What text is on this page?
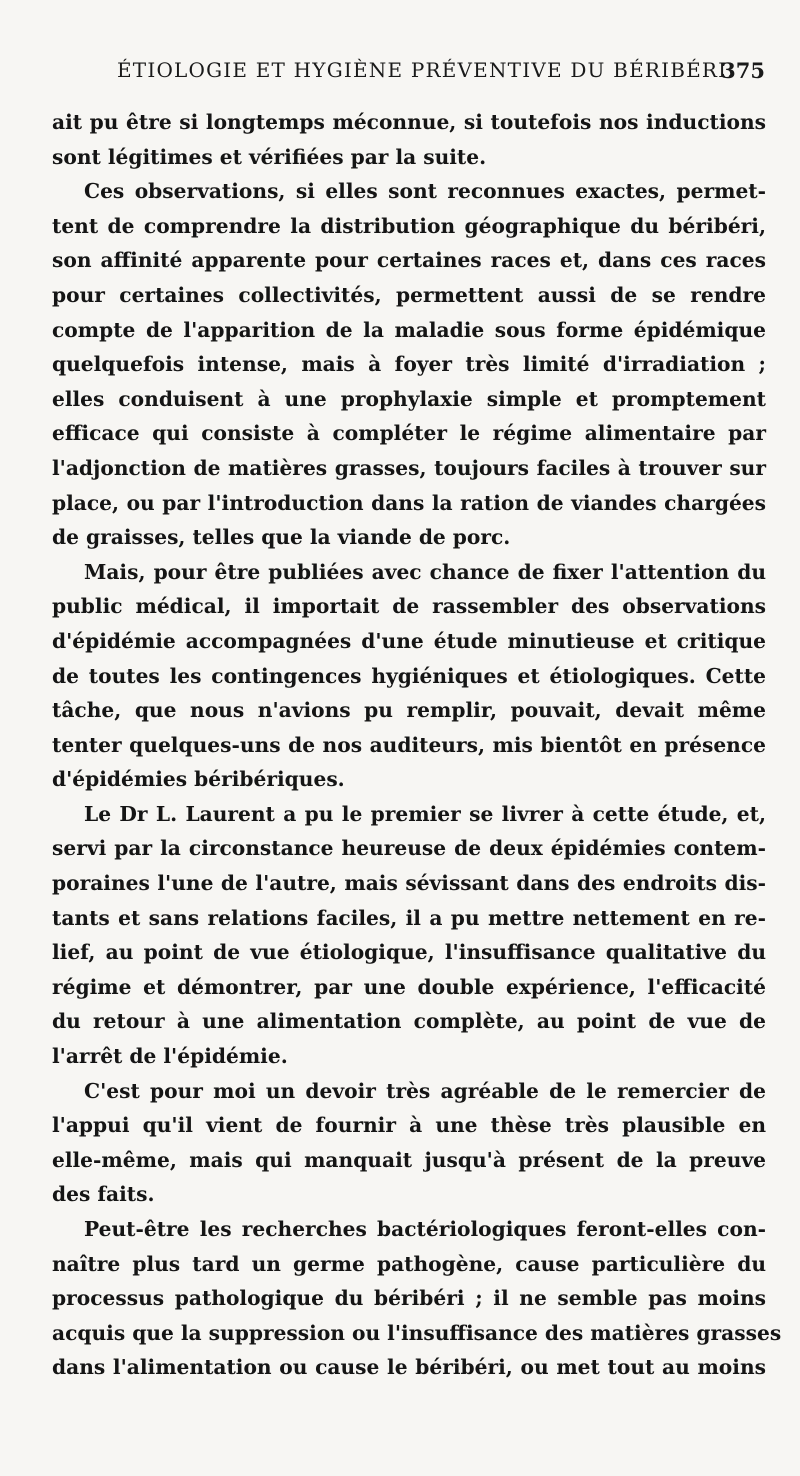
ÉTIOLOGIE ET HYGIÈNE PRÉVENTIVE DU BÉRIBÉRI.
375
ait pu être si longtemps méconnue, si toutefois nos inductions
sont légitimes et vérifiées par la suite.
Ces observations, si elles sont reconnues exactes, permet-
tent de comprendre la distribution géographique du béribéri,
son affinité apparente pour certaines races et, dans ces races
pour certaines collectivités, permettent aussi de se rendre
compte de l'apparition de la maladie sous forme épidémique
quelquefois intense, mais à foyer très limité d'irradiation ;
elles conduisent à une prophylaxie simple et promptement
efficace qui consiste à compléter le régime alimentaire par
l'adjonction de matières grasses, toujours faciles à trouver sur
place, ou par l'introduction dans la ration de viandes chargées
de graisses, telles que la viande de porc.
Mais, pour être publiées avec chance de fixer l'attention du
public médical, il importait de rassembler des observations
d'épidémie accompagnées d'une étude minutieuse et critique
de toutes les contingences hygiéniques et étiologiques. Cette
tâche, que nous n'avions pu remplir, pouvait, devait même
tenter quelques-uns de nos auditeurs, mis bientôt en présence
d'épidémies béribériques.
Le Dr L. Laurent a pu le premier se livrer à cette étude, et,
servi par la circonstance heureuse de deux épidémies contem-
poraines l'une de l'autre, mais sévissant dans des endroits dis-
tants et sans relations faciles, il a pu mettre nettement en re-
lief, au point de vue étiologique, l'insuffisance qualitative du
régime et démontrer, par une double expérience, l'efficacité
du retour à une alimentation complète, au point de vue de
l'arrêt de l'épidémie.
C'est pour moi un devoir très agréable de le remercier de
l'appui qu'il vient de fournir à une thèse très plausible en
elle-même, mais qui manquait jusqu'à présent de la preuve
des faits.
Peut-être les recherches bactériologiques feront-elles con-
naître plus tard un germe pathogène, cause particulière du
processus pathologique du béribéri ; il ne semble pas moins
acquis que la suppression ou l'insuffisance des matières grasses
dans l'alimentation ou cause le béribéri, ou met tout au moins
